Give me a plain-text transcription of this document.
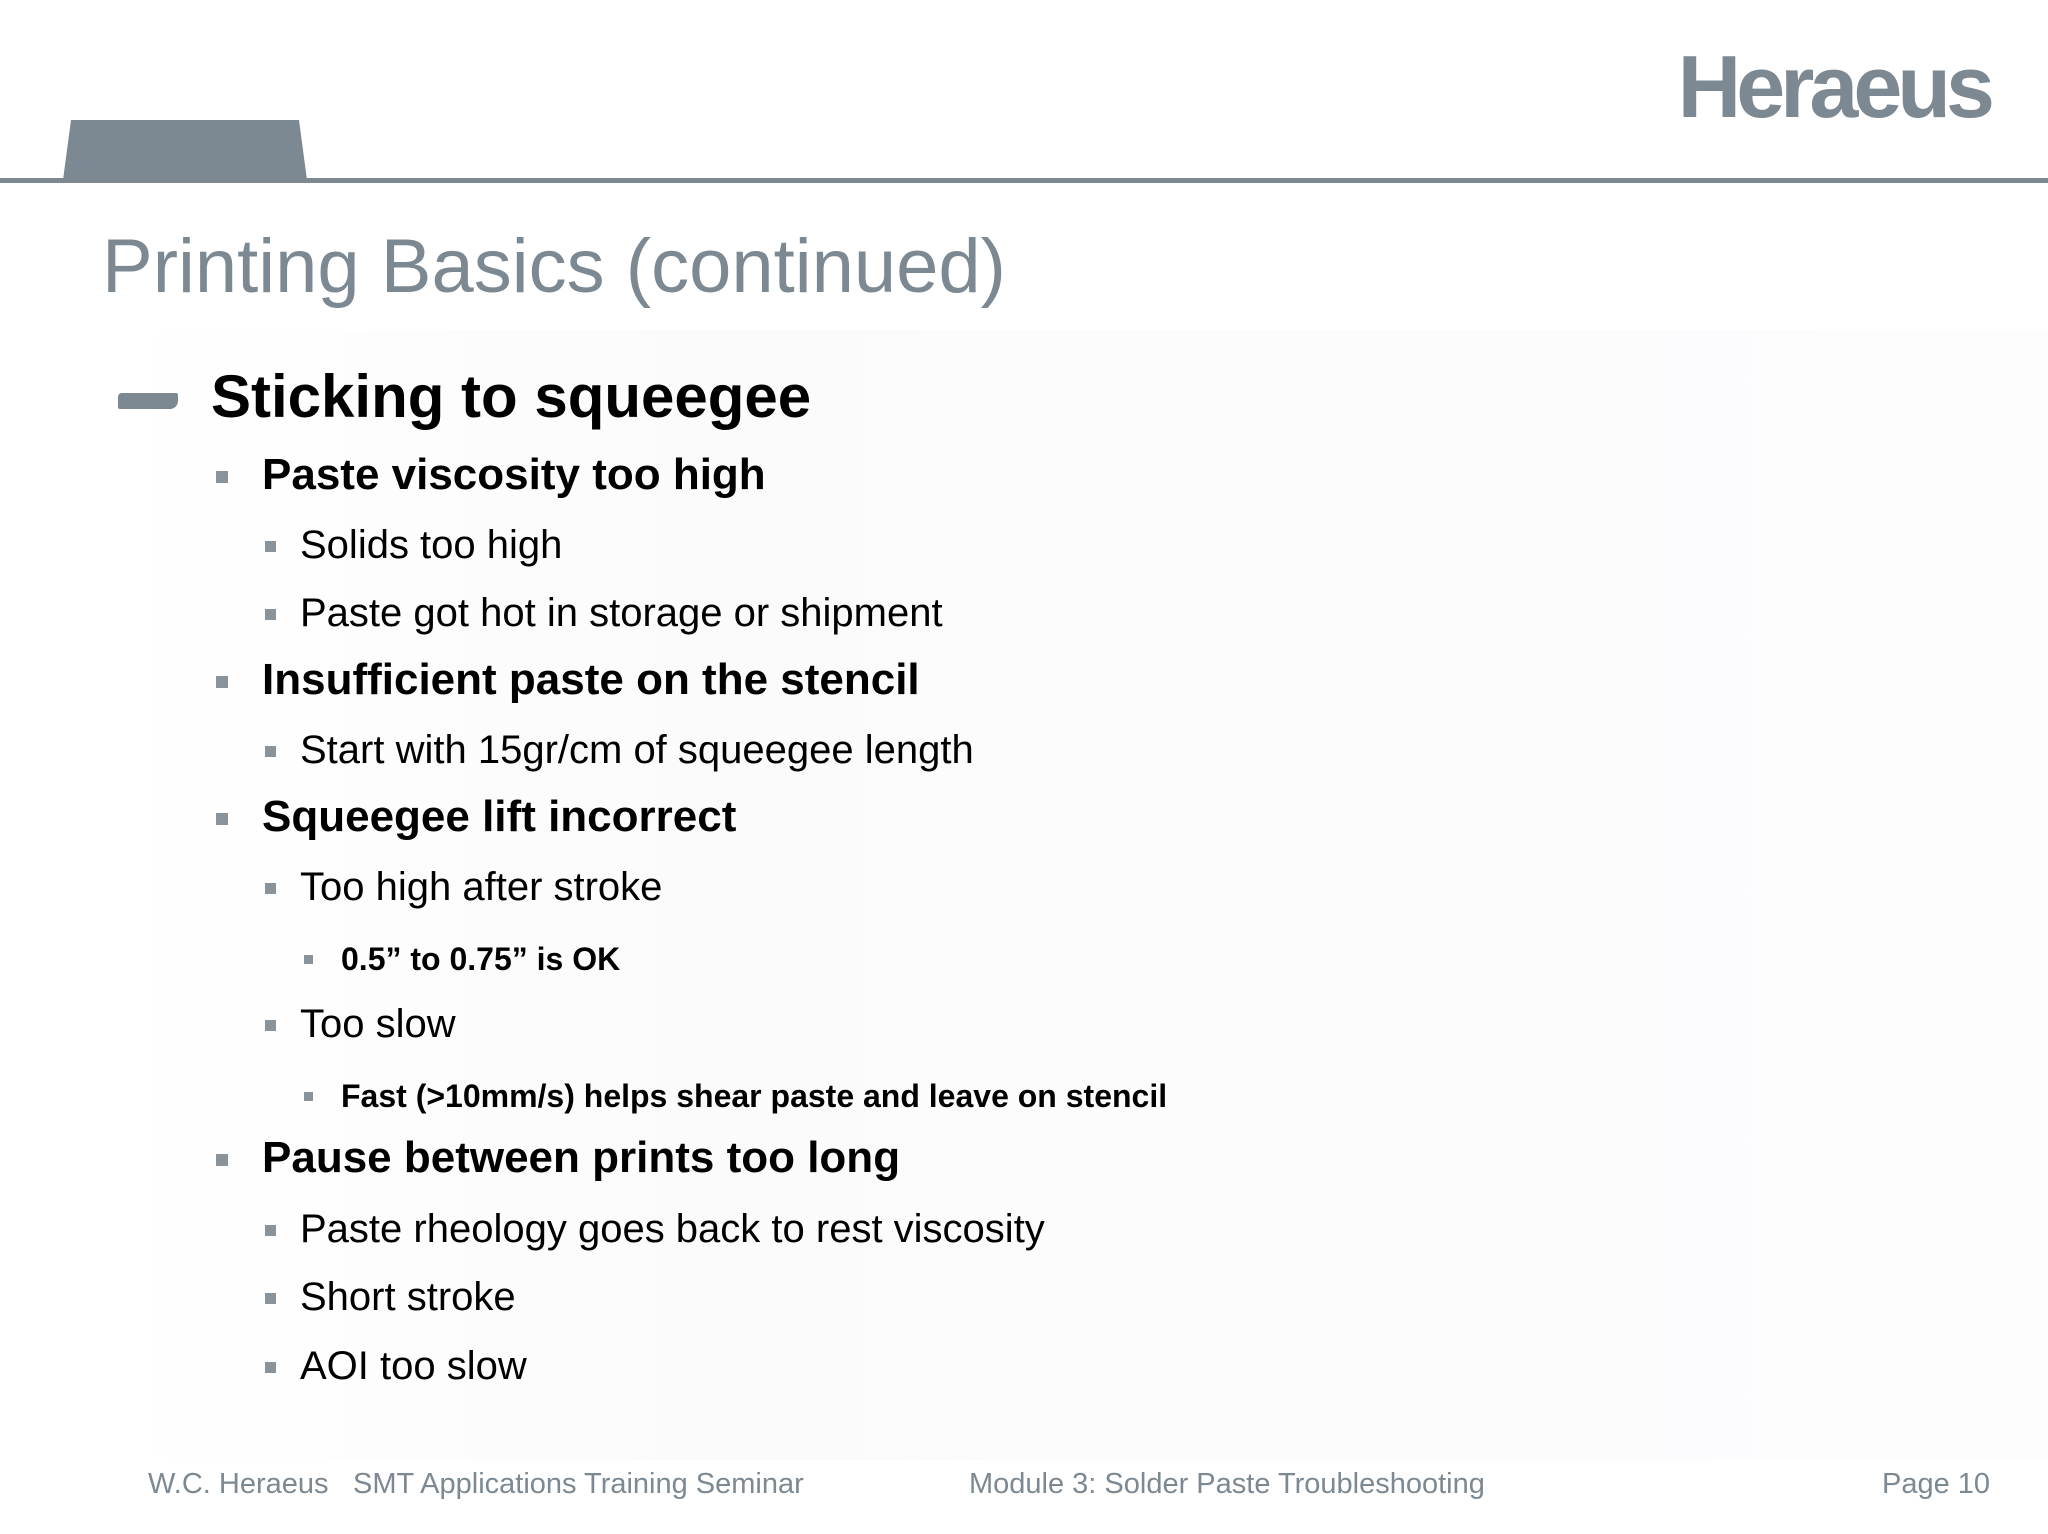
Heraeus
Printing Basics (continued)
Sticking to squeegee
Paste viscosity too high
Solids too high
Paste got hot in storage or shipment
Insufficient paste on the stencil
Start with 15gr/cm of squeegee length
Squeegee lift incorrect
Too high after stroke
0.5” to 0.75” is OK
Too slow
Fast (>10mm/s) helps shear paste and leave on stencil
Pause between prints too long
Paste rheology goes back to rest viscosity
Short stroke
AOI too slow
W.C. Heraeus SMT Applications Training Seminar	Module 3: Solder Paste Troubleshooting	Page 10
